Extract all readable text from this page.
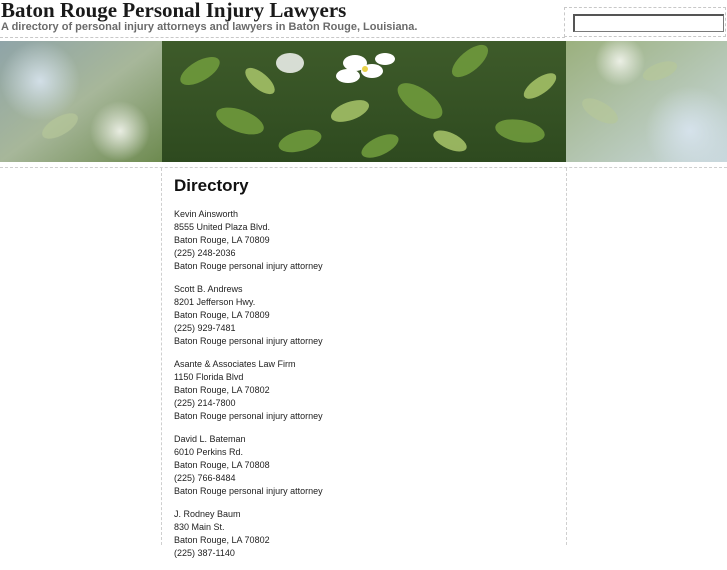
Baton Rouge Personal Injury Lawyers

A directory of personal injury attorneys and lawyers in Baton Rouge, Louisiana.

Directory
Kevin Ainsworth
8555 United Plaza Blvd.
Baton Rouge, LA 70809
(225) 248-2036
Baton Rouge personal injury attorney
Scott B. Andrews
8201 Jefferson Hwy.
Baton Rouge, LA 70809
(225) 929-7481
Baton Rouge personal injury attorney
Asante & Associates Law Firm
1150 Florida Blvd
Baton Rouge, LA 70802
(225) 214-7800
Baton Rouge personal injury attorney
David L. Bateman
6010 Perkins Rd.
Baton Rouge, LA 70808
(225) 766-8484
Baton Rouge personal injury attorney
J. Rodney Baum
830 Main St.
Baton Rouge, LA 70802
(225) 387-1140
